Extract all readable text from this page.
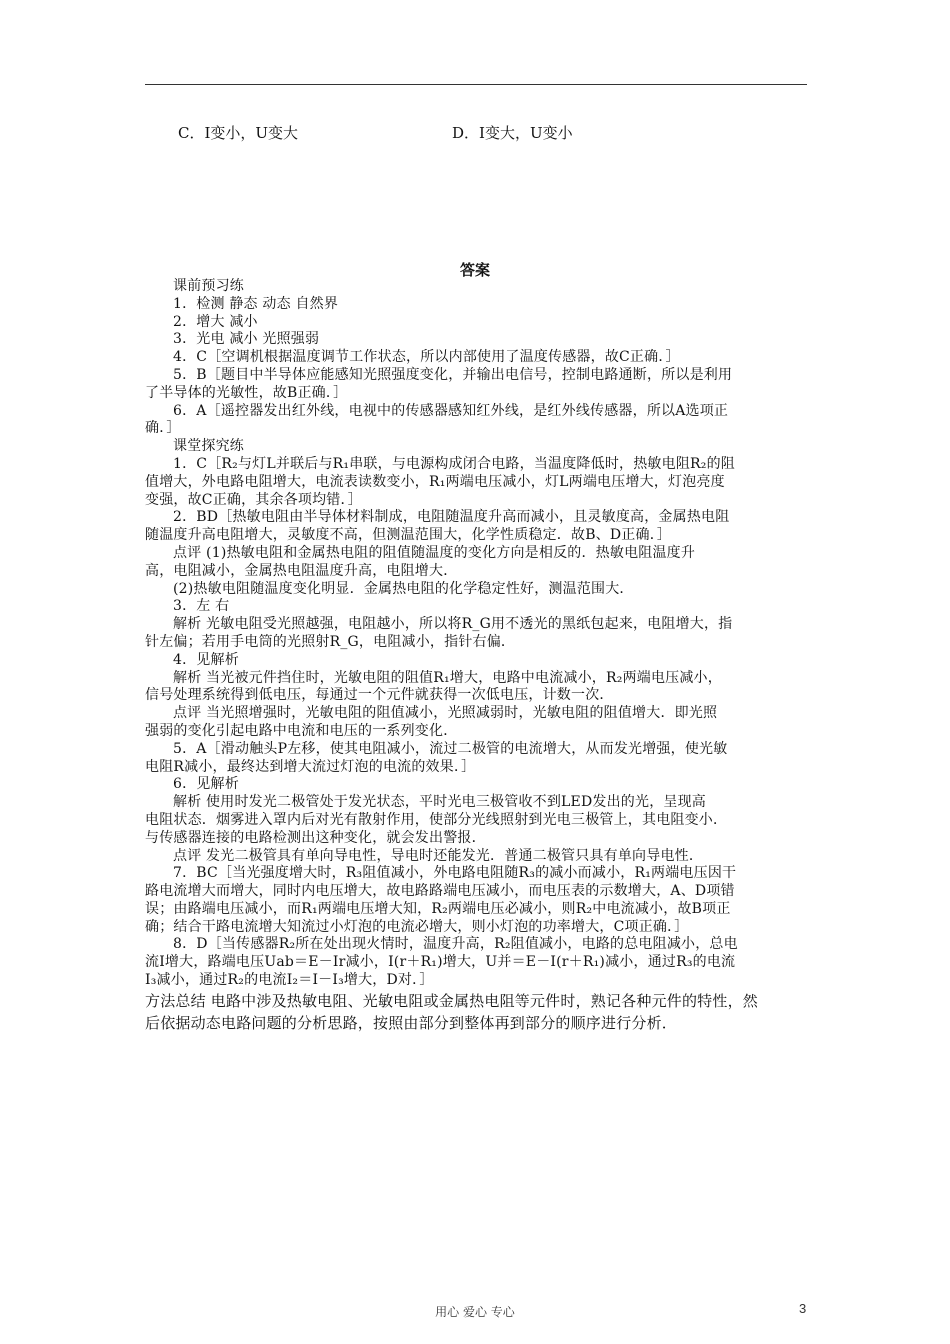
C．I变小，U变大	D．I变大，U变小
答案
课前预习练
1．检测 静态 动态 自然界
2．增大 减小
3．光电 减小 光照强弱
4．C［空调机根据温度调节工作状态，所以内部使用了温度传感器，故C正确．］
5．B［题目中半导体应能感知光照强度变化，并输出电信号，控制电路通断，所以是利用
了半导体的光敏性，故B正确．］
6．A［遥控器发出红外线，电视中的传感器感知红外线，是红外线传感器，所以A选项正
确．］
课堂探究练
1．C［R₂与灯L并联后与R₁串联，与电源构成闭合电路，当温度降低时，热敏电阻R₂的阻
值增大，外电路电阻增大，电流表读数变小，R₁两端电压减小，灯L两端电压增大，灯泡亮度
变强，故C正确，其余各项均错．］
2．BD［热敏电阻由半导体材料制成，电阻随温度升高而减小，且灵敏度高，金属热电阻
随温度升高电阻增大，灵敏度不高，但测温范围大，化学性质稳定．故B、D正确．］
点评 (1)热敏电阻和金属热电阻的阻值随温度的变化方向是相反的．热敏电阻温度升
高，电阻减小，金属热电阻温度升高，电阻增大．
(2)热敏电阻随温度变化明显．金属热电阻的化学稳定性好，测温范围大．
3．左 右
解析 光敏电阻受光照越强，电阻越小，所以将R_G用不透光的黑纸包起来，电阻增大，指
针左偏；若用手电筒的光照射R_G，电阻减小，指针右偏．
4．见解析
解析 当光被元件挡住时，光敏电阻的阻值R₁增大，电路中电流减小，R₂两端电压减小，
信号处理系统得到低电压，每通过一个元件就获得一次低电压，计数一次．
点评 当光照增强时，光敏电阻的阻值减小，光照减弱时，光敏电阻的阻值增大．即光照
强弱的变化引起电路中电流和电压的一系列变化．
5．A［滑动触头P左移，使其电阻减小，流过二极管的电流增大，从而发光增强，使光敏
电阻R减小，最终达到增大流过灯泡的电流的效果．］
6．见解析
解析 使用时发光二极管处于发光状态，平时光电三极管收不到LED发出的光，呈现高
电阻状态．烟雾进入罩内后对光有散射作用，使部分光线照射到光电三极管上，其电阻变小．
与传感器连接的电路检测出这种变化，就会发出警报．
点评 发光二极管具有单向导电性，导电时还能发光．普通二极管只具有单向导电性．
7．BC［当光强度增大时，R₃阻值减小，外电路电阻随R₃的减小而减小，R₁两端电压因干
路电流增大而增大，同时内电压增大，故电路路端电压减小，而电压表的示数增大，A、D项错
误；由路端电压减小，而R₁两端电压增大知，R₂两端电压必减小，则R₂中电流减小，故B项正
确；结合干路电流增大知流过小灯泡的电流必增大，则小灯泡的功率增大，C项正确．］
8．D［当传感器R₂所在处出现火情时，温度升高，R₂阻值减小，电路的总电阻减小，总电
流I增大，路端电压Uab＝E－Ir减小，I(r＋R₁)增大，U并＝E－I(r＋R₁)减小，通过R₃的电流
I₃减小，通过R₂的电流I₂＝I－I₃增大，D对．］
方法总结 电路中涉及热敏电阻、光敏电阻或金属热电阻等元件时，熟记各种元件的特性，然
后依据动态电路问题的分析思路，按照由部分到整体再到部分的顺序进行分析．
用心 爱心 专心	3
